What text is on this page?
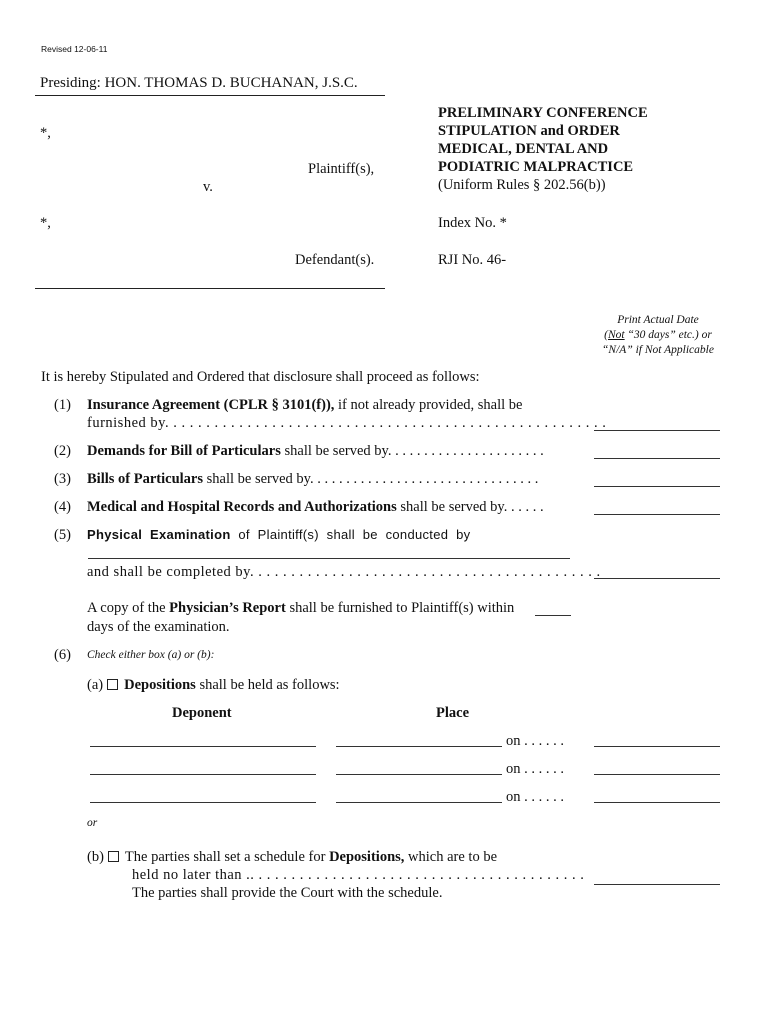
Revised 12-06-11
Presiding: HON. THOMAS D. BUCHANAN, J.S.C.
*,
Plaintiff(s),
v.
*,
Defendant(s).
PRELIMINARY CONFERENCE
STIPULATION and ORDER
MEDICAL, DENTAL AND
PODIATRIC MALPRACTICE
(Uniform Rules § 202.56(b))
Index No. *
RJI No. 46-
Print Actual Date
(Not “30 days” etc.) or
“N/A” if Not Applicable
It is hereby Stipulated and Ordered that disclosure shall proceed as follows:
(1) Insurance Agreement (CPLR § 3101(f)), if not already provided, shall be
furnished by. . . . . . . . . . . . . . . . . . . . . . . . . . . . . . . . . . . . . . . . . . . . . . . . . . . . . .
(2) Demands for Bill of Particulars shall be served by. . . . . . . . . . . . . . . . . . . . . .
(3) Bills of Particulars shall be served by. . . . . . . . . . . . . . . . . . . . . . . . . . . . . . . .
(4) Medical and Hospital Records and Authorizations shall be served by. . . . . .
(5) Physical  Examination  of  Plaintiff(s)  shall  be  conducted  by
and shall be completed by. . . . . . . . . . . . . . . . . . . . . . . . . . . . . . . . . . . . . . . . . . .
A copy of the Physician’s Report shall be furnished to Plaintiff(s) within
days of the examination.
(6) Check either box (a) or (b):
(a) Depositions shall be held as follows:
Deponent	Place
on . . . . . .
on . . . . . .
on . . . . . .
or
(b) The parties shall set a schedule for Depositions, which are to be
held no later than .. . . . . . . . . . . . . . . . . . . . . . . . . . . . . . . . . . . . . . . . .
The parties shall provide the Court with the schedule.
